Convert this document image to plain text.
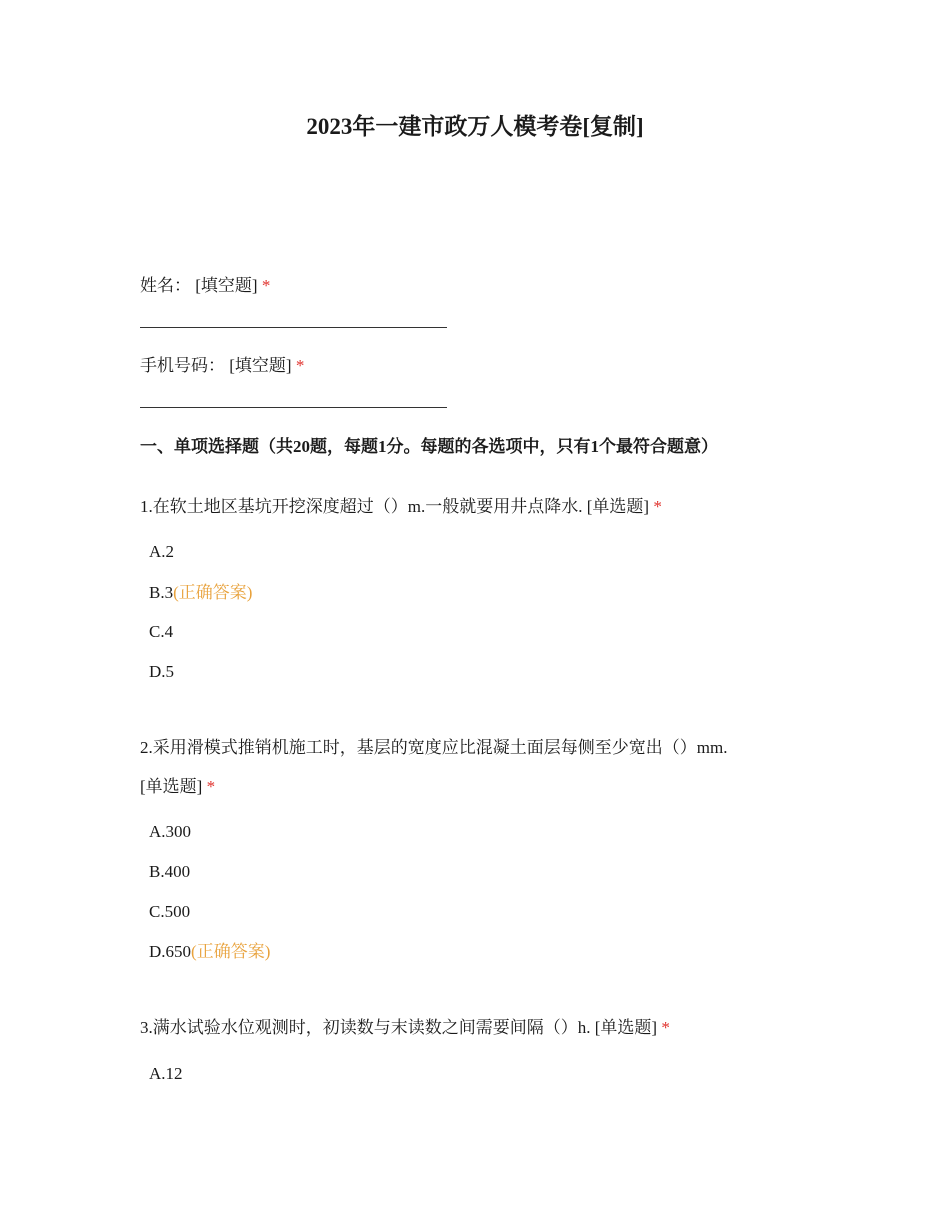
2023年一建市政万人模考卷[复制]
姓名： [填空题] *
手机号码： [填空题] *
一、单项选择题（共20题，每题1分。每题的各选项中，只有1个最符合题意）
1.在软土地区基坑开挖深度超过（）m.一般就要用井点降水. [单选题] *
A.2
B.3(正确答案)
C.4
D.5
2.采用滑模式推销机施工时，基层的宽度应比混凝土面层每侧至少宽出（）mm.
[单选题] *
A.300
B.400
C.500
D.650(正确答案)
3.满水试验水位观测时，初读数与末读数之间需要间隔（）h. [单选题] *
A.12
